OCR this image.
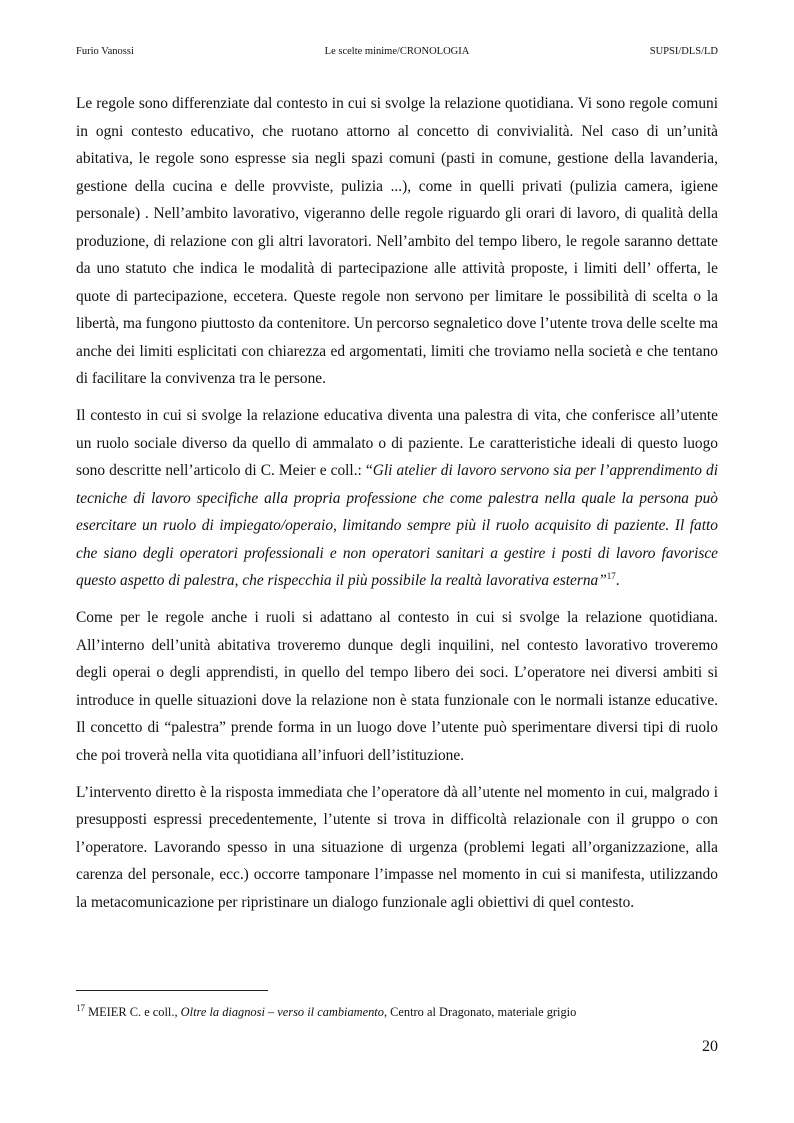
Furio Vanossi	Le scelte minime/CRONOLOGIA	SUPSI/DLS/LD

Le regole sono differenziate dal contesto in cui si svolge la relazione quotidiana. Vi sono regole comuni in ogni contesto educativo, che ruotano attorno al concetto di convivialità. Nel caso di un’unità abitativa, le regole sono espresse sia negli spazi comuni (pasti in comune, gestione della lavanderia, gestione della cucina e delle provviste, pulizia ...), come in quelli privati (pulizia camera, igiene personale) . Nell’ambito lavorativo, vigeranno delle regole riguardo gli orari di lavoro, di qualità della produzione, di relazione con gli altri lavoratori. Nell’ambito del tempo libero, le regole saranno dettate da uno statuto che indica le modalità di partecipazione alle attività proposte, i limiti dell’ offerta, le quote di partecipazione, eccetera. Queste regole non servono per limitare le possibilità di scelta o la libertà, ma fungono piuttosto da contenitore. Un percorso segnaletico dove l’utente trova delle scelte ma anche dei limiti esplicitati con chiarezza ed argomentati, limiti che troviamo nella società e che tentano di facilitare la convivenza tra le persone.

Il contesto in cui si svolge la relazione educativa diventa una palestra di vita, che conferisce all’utente un ruolo sociale diverso da quello di ammalato o di paziente. Le caratteristiche ideali di questo luogo sono descritte nell’articolo di C. Meier e coll.: “Gli atelier di lavoro servono sia per l’apprendimento di tecniche di lavoro specifiche alla propria professione che come palestra nella quale la persona può esercitare un ruolo di impiegato/operaio, limitando sempre più il ruolo acquisito di paziente. Il fatto che siano degli operatori professionali e non operatori sanitari a gestire i posti di lavoro favorisce questo aspetto di palestra, che rispecchia il più possibile la realtà lavorativa esterna”$^{17}$.

Come per le regole anche i ruoli si adattano al contesto in cui si svolge la relazione quotidiana. All’interno dell’unità abitativa troveremo dunque degli inquilini, nel contesto lavorativo troveremo degli operai o degli apprendisti, in quello del tempo libero dei soci. L’operatore nei diversi ambiti si introduce in quelle situazioni dove la relazione non è stata funzionale con le normali istanze educative. Il concetto di “palestra” prende forma in un luogo dove l’utente può sperimentare diversi tipi di ruolo che poi troverà nella vita quotidiana all’infuori dell’istituzione.

L’intervento diretto è la risposta immediata che l’operatore dà all’utente nel momento in cui, malgrado i presupposti espressi precedentemente, l’utente si trova in difficoltà relazionale con il gruppo o con l’operatore. Lavorando spesso in una situazione di urgenza (problemi legati all’organizzazione, alla carenza del personale, ecc.) occorre tamponare l’impasse nel momento in cui si manifesta, utilizzando la metacomunicazione per ripristinare un dialogo funzionale agli obiettivi di quel contesto.

$^{17}$ MEIER C. e coll., Oltre la diagnosi – verso il cambiamento, Centro al Dragonato, materiale grigio
20
